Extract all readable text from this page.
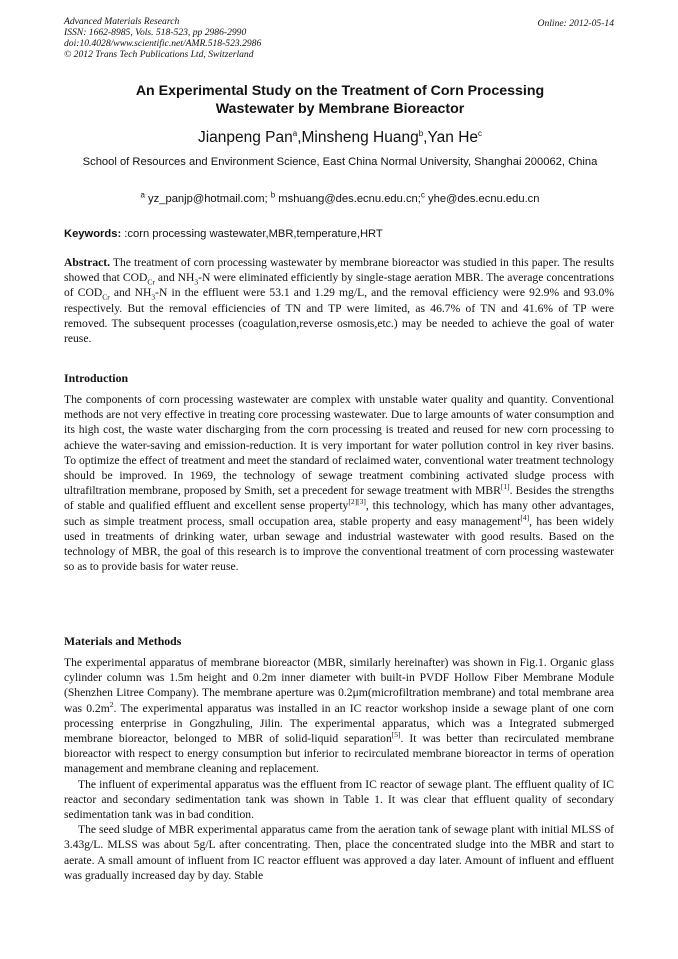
Advanced Materials Research
ISSN: 1662-8985, Vols. 518-523, pp 2986-2990
doi:10.4028/www.scientific.net/AMR.518-523.2986
© 2012 Trans Tech Publications Ltd, Switzerland
Online: 2012-05-14
An Experimental Study on the Treatment of Corn Processing
Wastewater by Membrane Bioreactor
Jianpeng Pan$^a$,Minsheng Huang$^b$,Yan He$^c$
School of Resources and Environment Science, East China Normal University, Shanghai 200062, China
$^a$ yz_panjp@hotmail.com; $^b$ mshuang@des.ecnu.edu.cn;$^c$ yhe@des.ecnu.edu.cn
Keywords: :corn processing wastewater,MBR,temperature,HRT

Abstract. The treatment of corn processing wastewater by membrane bioreactor was studied in this paper. The results showed that $COD_{Cr}$ and $NH_3-N$ were eliminated efficiently by single-stage aeration MBR. The average concentrations of $COD_{Cr}$ and $NH_3-N$ in the effluent were 53.1 and 1.29 mg/L, and the removal efficiency were 92.9% and 93.0% respectively. But the removal efficiencies of TN and TP were limited, as 46.7% of TN and 41.6% of TP were removed. The subsequent processes (coagulation,reverse osmosis,etc.) may be needed to achieve the goal of water reuse.

Introduction

The components of corn processing wastewater are complex with unstable water quality and quantity. Conventional methods are not very effective in treating core processing wastewater. Due to large amounts of water consumption and its high cost, the waste water discharging from the corn processing is treated and reused for new corn processing to achieve the water-saving and emission-reduction. It is very important for water pollution control in key river basins. To optimize the effect of treatment and meet the standard of reclaimed water, conventional water treatment technology should be improved. In 1969, the technology of sewage treatment combining activated sludge process with ultrafiltration membrane, proposed by Smith, set a precedent for sewage treatment with MBR[1]. Besides the strengths of stable and qualified effluent and excellent sense property[2][3], this technology, which has many other advantages, such as simple treatment process, small occupation area, stable property and easy management[4], has been widely used in treatments of drinking water, urban sewage and industrial wastewater with good results. Based on the technology of MBR, the goal of this research is to improve the conventional treatment of corn processing wastewater so as to provide basis for water reuse.

Materials and Methods

The experimental apparatus of membrane bioreactor (MBR, similarly hereinafter) was shown in Fig.1. Organic glass cylinder column was 1.5m height and 0.2m inner diameter with built-in PVDF Hollow Fiber Membrane Module (Shenzhen Litree Company). The membrane aperture was 0.2μm(microfiltration membrane) and total membrane area was $0.2m^2$. The experimental apparatus was installed in an IC reactor workshop inside a sewage plant of one corn processing enterprise in Gongzhuling, Jilin. The experimental apparatus, which was a Integrated submerged membrane bioreactor, belonged to MBR of solid-liquid separation[5]. It was better than recirculated membrane bioreactor with respect to energy consumption but inferior to recirculated membrane bioreactor in terms of operation management and membrane cleaning and replacement.

The influent of experimental apparatus was the effluent from IC reactor of sewage plant. The effluent quality of IC reactor and secondary sedimentation tank was shown in Table 1. It was clear that effluent quality of secondary sedimentation tank was in bad condition.

The seed sludge of MBR experimental apparatus came from the aeration tank of sewage plant with initial MLSS of 3.43g/L. MLSS was about 5g/L after concentrating. Then, place the concentrated sludge into the MBR and start to aerate. A small amount of influent from IC reactor effluent was approved a day later. Amount of influent and effluent was gradually increased day by day. Stable
